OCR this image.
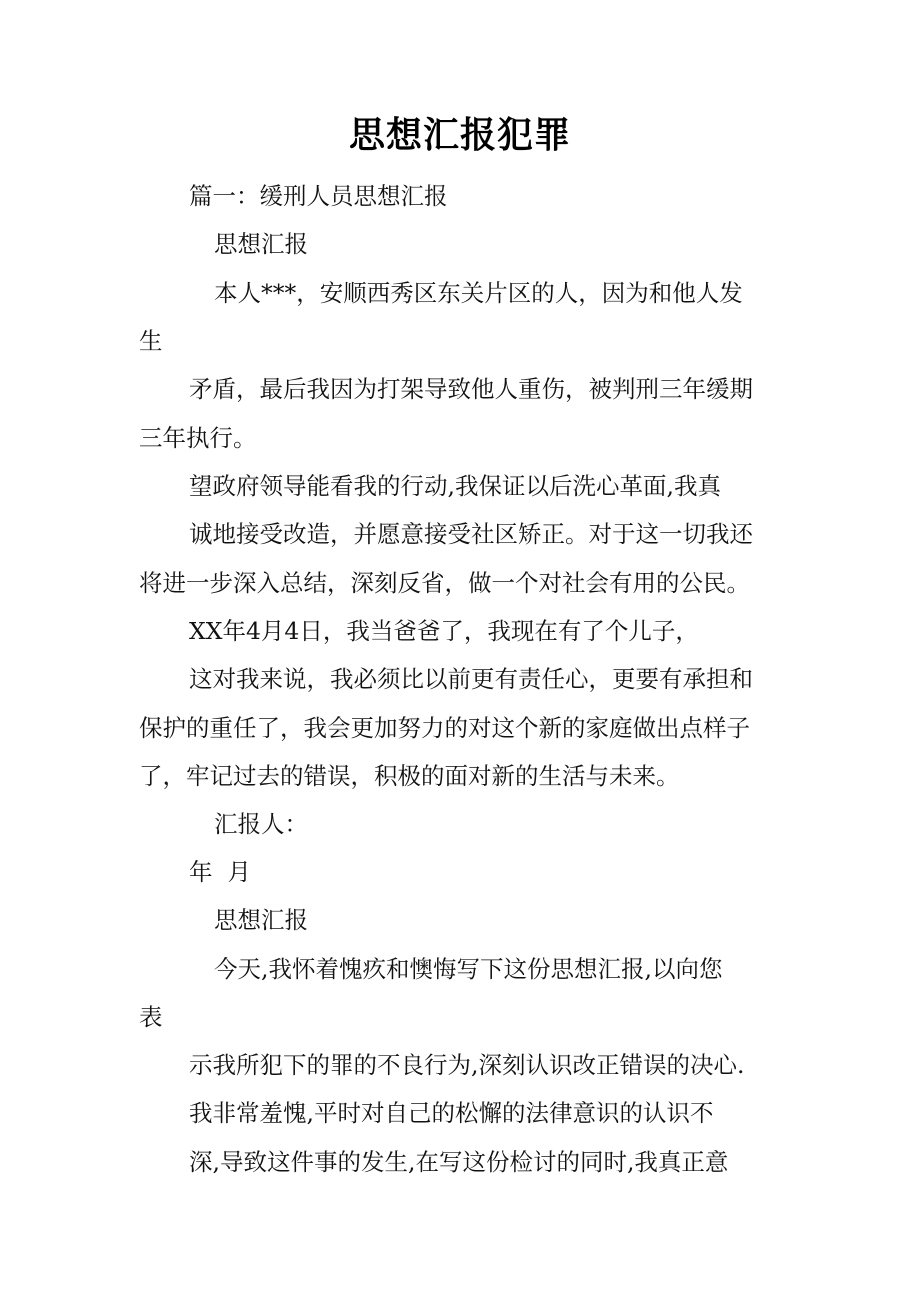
思想汇报犯罪
篇一：缓刑人员思想汇报
思想汇报
本人***，安顺西秀区东关片区的人，因为和他人发
生
矛盾，最后我因为打架导致他人重伤，被判刑三年缓期
三年执行。
望政府领导能看我的行动,我保证以后洗心革面,我真
诚地接受改造，并愿意接受社区矫正。对于这一切我还
将进一步深入总结，深刻反省，做一个对社会有用的公民。
XX年4月4日，我当爸爸了，我现在有了个儿子，
这对我来说，我必须比以前更有责任心，更要有承担和
保护的重任了，我会更加努力的对这个新的家庭做出点样子
了，牢记过去的错误，积极的面对新的生活与未来。
汇报人：
年  月
思想汇报
今天,我怀着愧疚和懊悔写下这份思想汇报,以向您
表
示我所犯下的罪的不良行为,深刻认识改正错误的决心.
我非常羞愧,平时对自己的松懈的法律意识的认识不
深,导致这件事的发生,在写这份检讨的同时,我真正意
